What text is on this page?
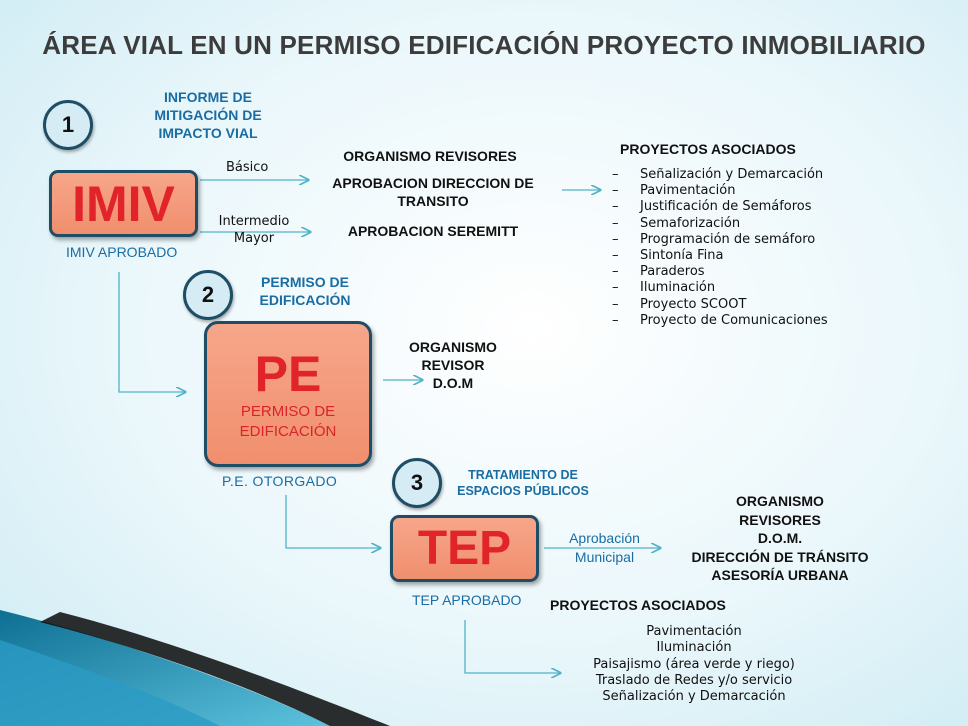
ÁREA VIAL EN UN PERMISO EDIFICACIÓN PROYECTO INMOBILIARIO
1
INFORME DE
MITIGACIÓN DE
IMPACTO VIAL
IMIV
IMIV APROBADO
Básico
Intermedio
Mayor
ORGANISMO REVISORES
APROBACION DIRECCION DE
TRANSITO
APROBACION SEREMITT
PROYECTOS ASOCIADOS
– Señalización y Demarcación
– Pavimentación
– Justificación de Semáforos
– Semaforización
– Programación de semáforo
– Sintonía Fina
– Paraderos
– Iluminación
– Proyecto SCOOT
– Proyecto de Comunicaciones
2	PERMISO DE
EDIFICACIÓN
PE
PERMISO DE
EDIFICACIÓN
P.E. OTORGADO
ORGANISMO
REVISOR
D.O.M
3	TRATAMIENTO DE
ESPACIOS PÚBLICOS
TEP
TEP APROBADO
Aprobación
Municipal
ORGANISMO
REVISORES
D.O.M.
DIRECCIÓN DE TRÁNSITO
ASESORÍA URBANA
PROYECTOS ASOCIADOS
Pavimentación
Iluminación
Paisajismo (área verde y riego)
Traslado de Redes y/o servicio
Señalización y Demarcación
